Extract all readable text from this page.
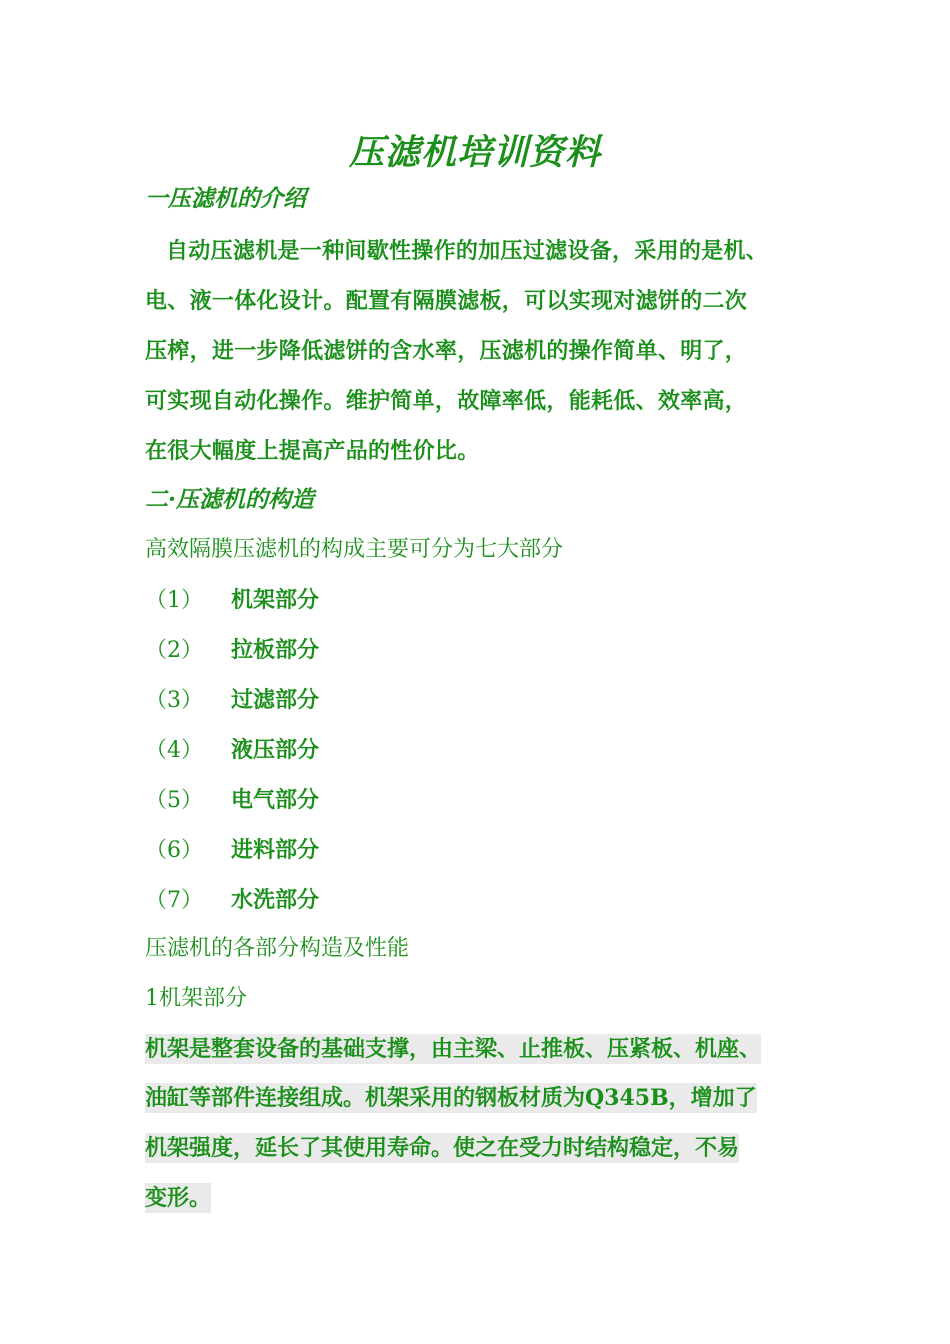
压滤机培训资料
一压滤机的介绍
自动压滤机是一种间歇性操作的加压过滤设备，采用的是机、
电、液一体化设计。配置有隔膜滤板，可以实现对滤饼的二次
压榨，进一步降低滤饼的含水率，压滤机的操作简单、明了，
可实现自动化操作。维护简单，故障率低，能耗低、效率高，
在很大幅度上提高产品的性价比。
二·压滤机的构造
高效隔膜压滤机的构成主要可分为七大部分
（1） 机架部分
（2） 拉板部分
（3） 过滤部分
（4） 液压部分
（5） 电气部分
（6） 进料部分
（7） 水洗部分
压滤机的各部分构造及性能
1机架部分
机架是整套设备的基础支撑，由主梁、止推板、压紧板、机座、
油缸等部件连接组成。机架采用的钢板材质为Q345B，增加了
机架强度，延长了其使用寿命。使之在受力时结构稳定，不易
变形。
